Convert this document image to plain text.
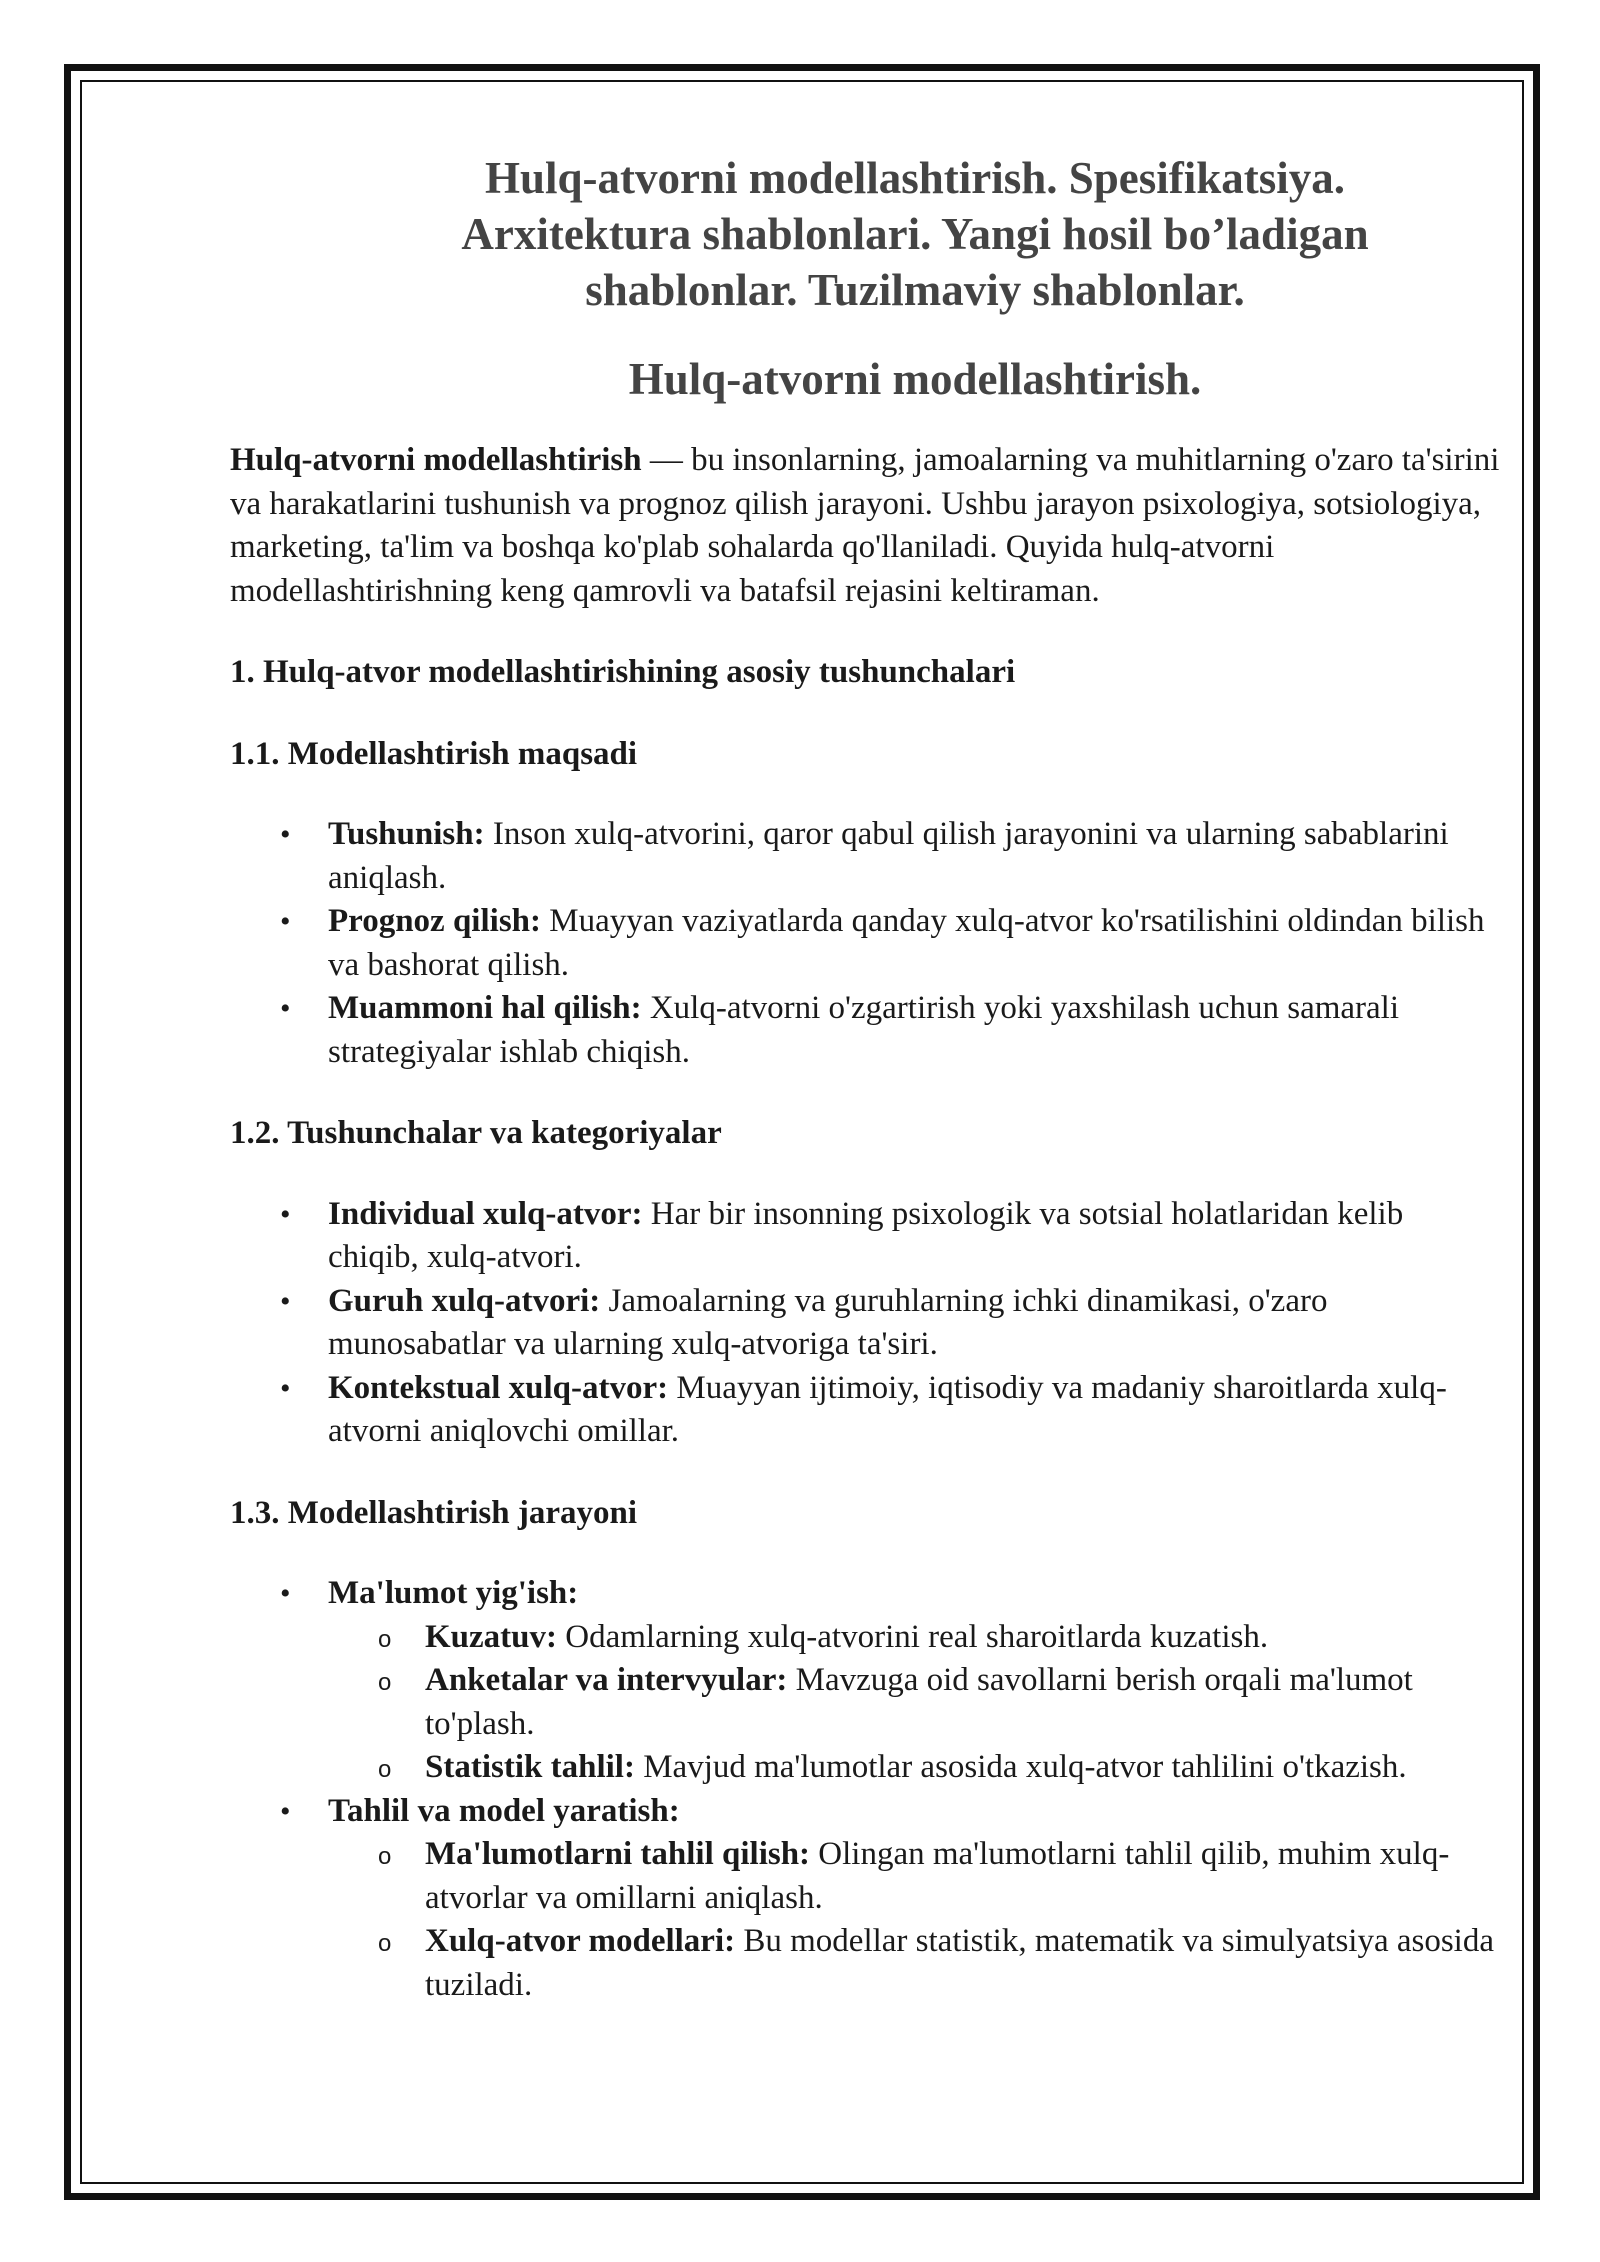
Hulq-atvorni modellashtirish. Spesifikatsiya.
Arxitektura shablonlari. Yangi hosil bo’ladigan
shablonlar. Tuzilmaviy shablonlar.
Hulq-atvorni modellashtirish.

Hulq-atvorni modellashtirish — bu insonlarning, jamoalarning va muhitlarning o'zaro ta'sirini va harakatlarini tushunish va prognoz qilish jarayoni. Ushbu jarayon psixologiya, sotsiologiya, marketing, ta'lim va boshqa ko'plab sohalarda qo'llaniladi. Quyida hulq-atvorni modellashtirishning keng qamrovli va batafsil rejasini keltiraman.

1. Hulq-atvor modellashtirishining asosiy tushunchalari
1.1. Modellashtirish maqsadi
• Tushunish: Inson xulq-atvorini, qaror qabul qilish jarayonini va ularning sabablarini aniqlash.
• Prognoz qilish: Muayyan vaziyatlarda qanday xulq-atvor ko'rsatilishini oldindan bilish va bashorat qilish.
• Muammoni hal qilish: Xulq-atvorni o'zgartirish yoki yaxshilash uchun samarali strategiyalar ishlab chiqish.
1.2. Tushunchalar va kategoriyalar
• Individual xulq-atvor: Har bir insonning psixologik va sotsial holatlaridan kelib chiqib, xulq-atvori.
• Guruh xulq-atvori: Jamoalarning va guruhlarning ichki dinamikasi, o'zaro munosabatlar va ularning xulq-atvoriga ta'siri.
• Kontekstual xulq-atvor: Muayyan ijtimoiy, iqtisodiy va madaniy sharoitlarda xulq-atvorni aniqlovchi omillar.
1.3. Modellashtirish jarayoni
• Ma'lumot yig'ish:
o Kuzatuv: Odamlarning xulq-atvorini real sharoitlarda kuzatish.
o Anketalar va intervyular: Mavzuga oid savollarni berish orqali ma'lumot to'plash.
o Statistik tahlil: Mavjud ma'lumotlar asosida xulq-atvor tahlilini o'tkazish.
• Tahlil va model yaratish:
o Ma'lumotlarni tahlil qilish: Olingan ma'lumotlarni tahlil qilib, muhim xulq-atvorlar va omillarni aniqlash.
o Xulq-atvor modellari: Bu modellar statistik, matematik va simulyatsiya asosida tuziladi.
